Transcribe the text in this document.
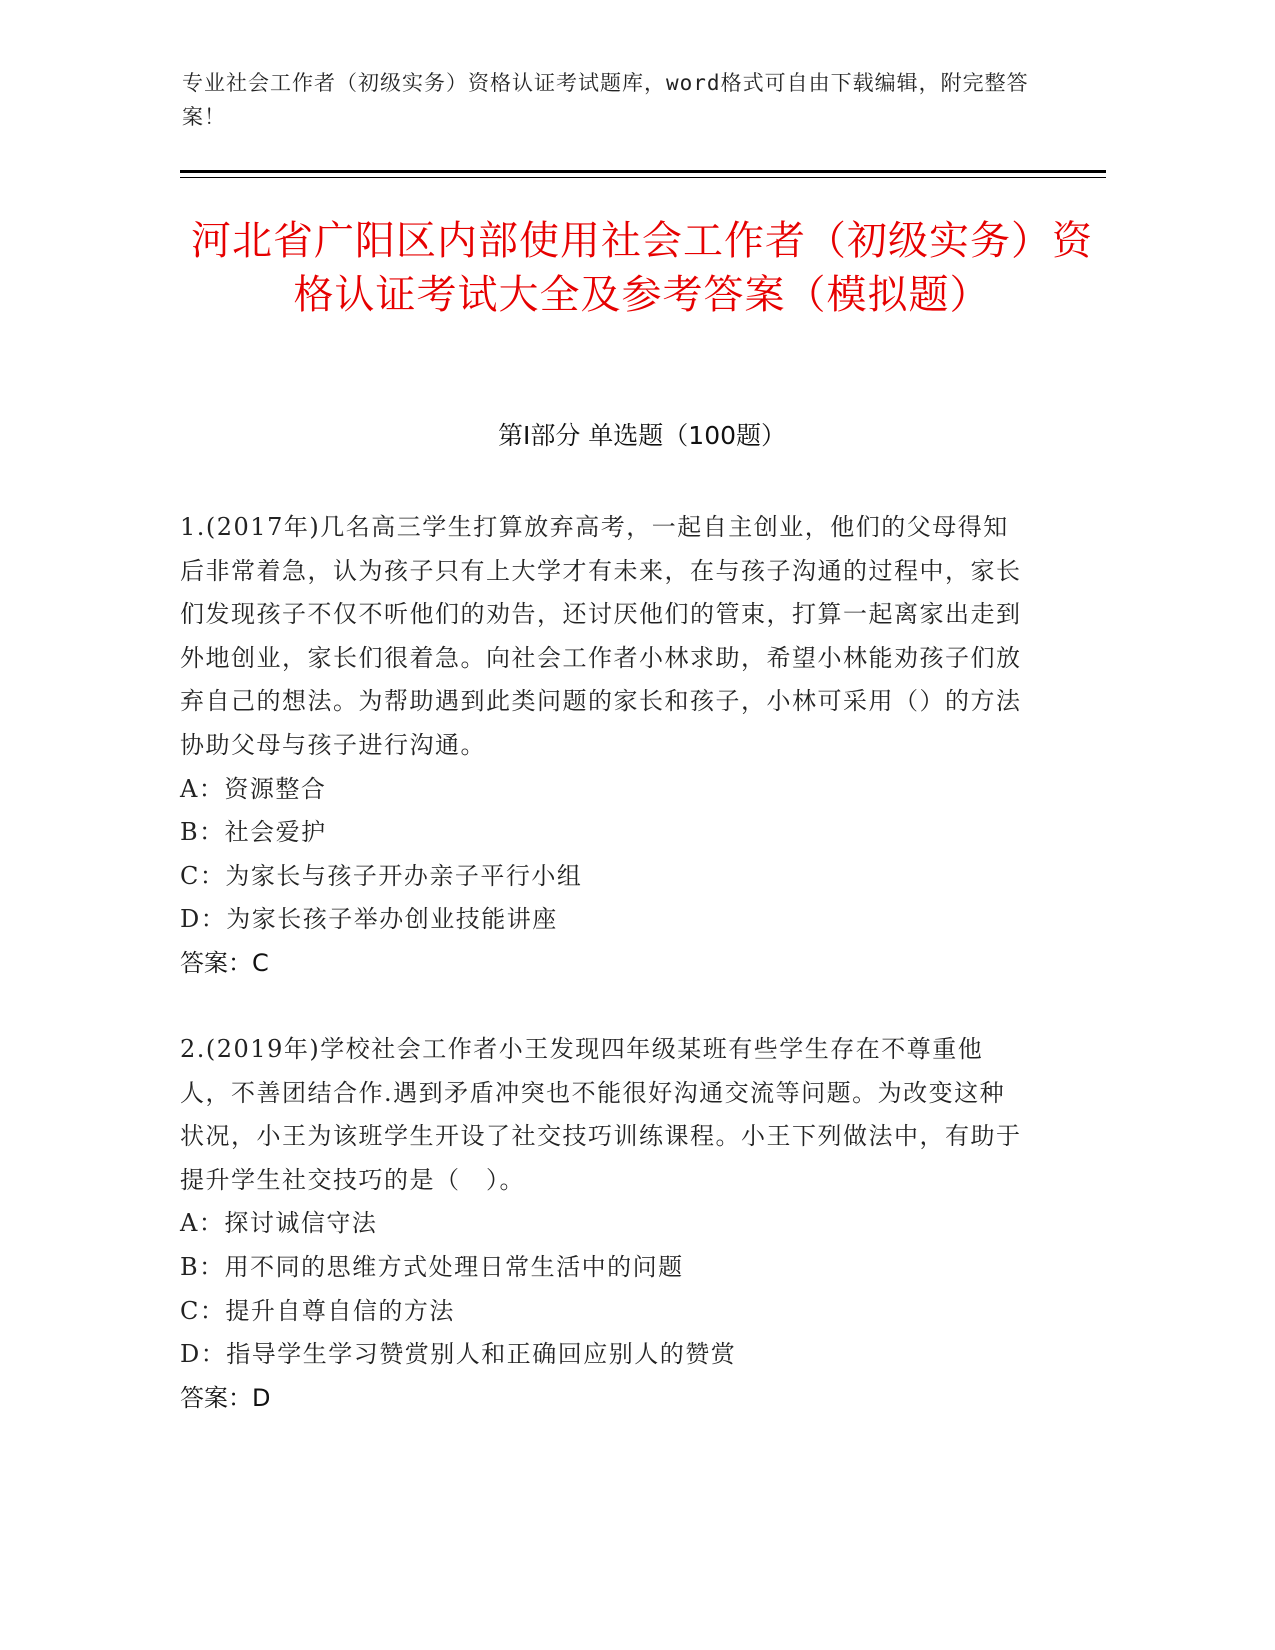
专业社会工作者（初级实务）资格认证考试题库，word格式可自由下载编辑，附完整答案！
河北省广阳区内部使用社会工作者（初级实务）资格认证考试大全及参考答案（模拟题）
第I部分 单选题（100题）

1.(2017年)几名高三学生打算放弃高考，一起自主创业，他们的父母得知后非常着急，认为孩子只有上大学才有未来，在与孩子沟通的过程中，家长们发现孩子不仅不听他们的劝告，还讨厌他们的管束，打算一起离家出走到外地创业，家长们很着急。向社会工作者小林求助，希望小林能劝孩子们放弃自己的想法。为帮助遇到此类问题的家长和孩子，小林可采用（）的方法协助父母与孩子进行沟通。

A：资源整合

B：社会爱护

C：为家长与孩子开办亲子平行小组

D：为家长孩子举办创业技能讲座

答案：C

2.(2019年)学校社会工作者小王发现四年级某班有些学生存在不尊重他人，不善团结合作.遇到矛盾冲突也不能很好沟通交流等问题。为改变这种状况，小王为该班学生开设了社交技巧训练课程。小王下列做法中，有助于提升学生社交技巧的是（　）。

A：探讨诚信守法

B：用不同的思维方式处理日常生活中的问题

C：提升自尊自信的方法

D：指导学生学习赞赏别人和正确回应别人的赞赏

答案：D
